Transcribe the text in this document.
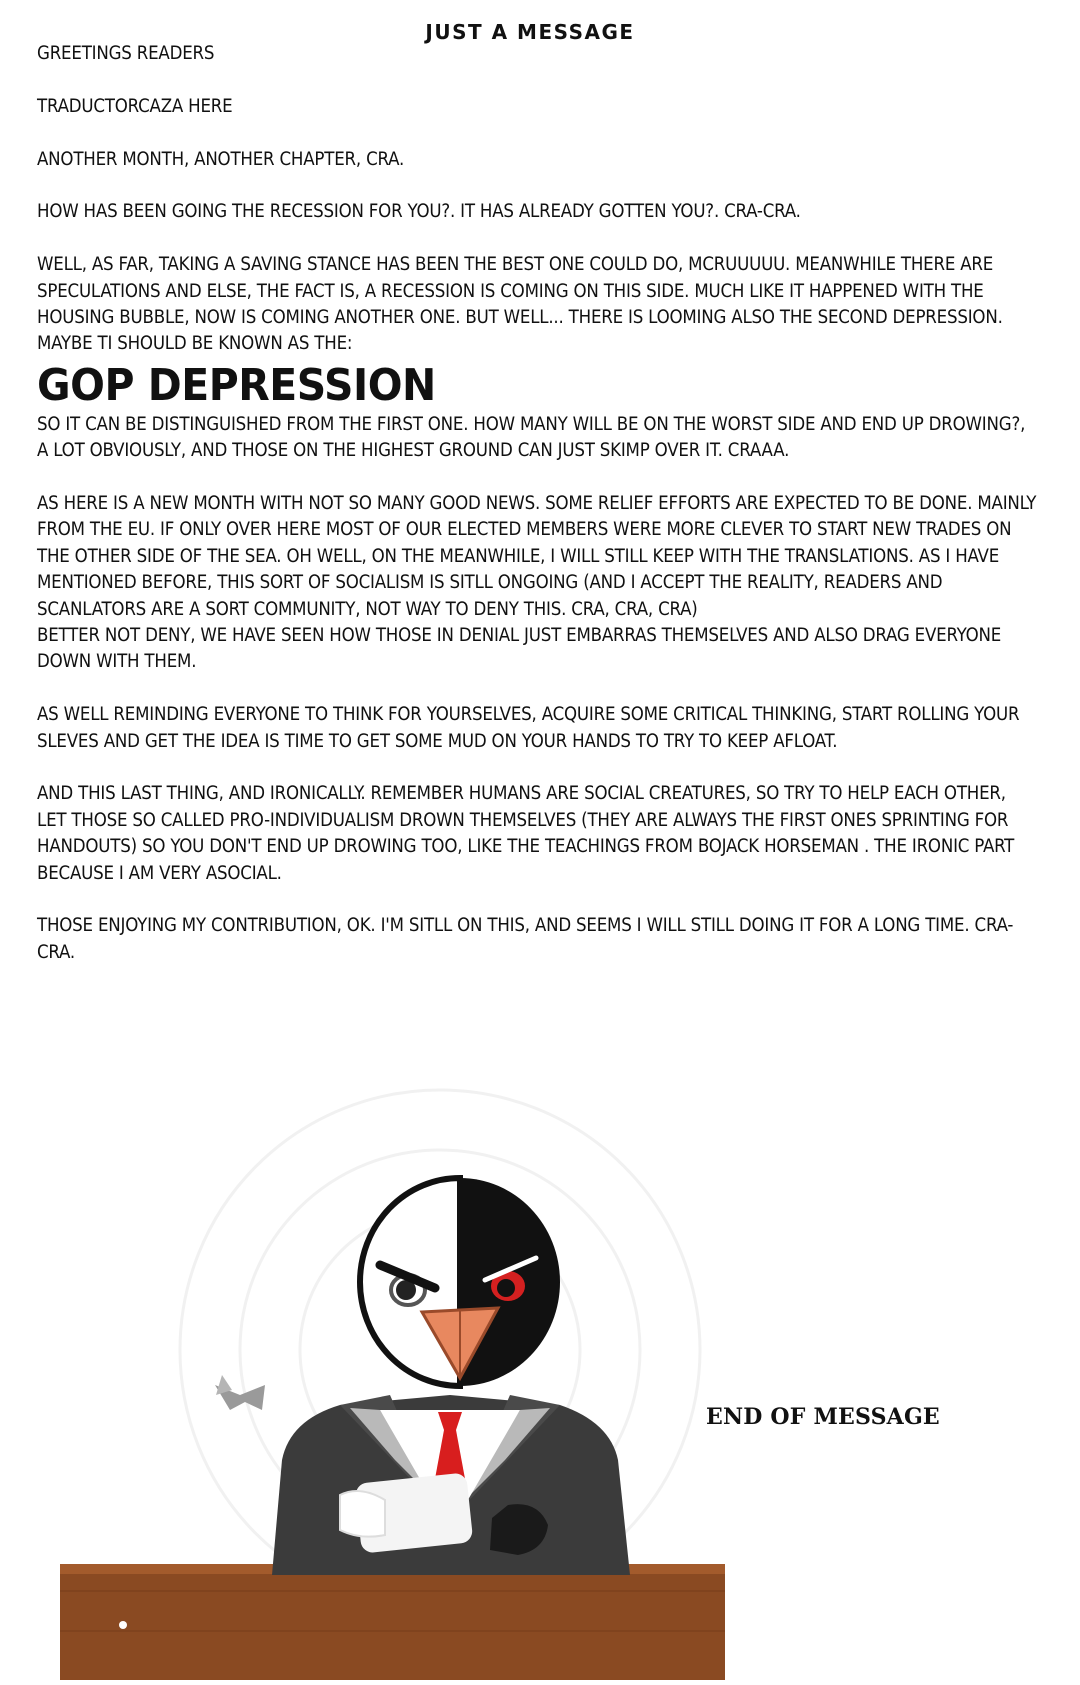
JUST A MESSAGE

GREETINGS READERS

TRADUCTORCAZA HERE

ANOTHER MONTH, ANOTHER CHAPTER, CRA.

HOW HAS BEEN GOING THE RECESSION FOR YOU?. IT HAS ALREADY GOTTEN YOU?. CRA-CRA.

WELL, AS FAR, TAKING A SAVING STANCE HAS BEEN THE BEST ONE COULD DO, MCRUUUUU. MEANWHILE THERE ARE SPECULATIONS AND ELSE, THE FACT IS, A RECESSION IS COMING ON THIS SIDE. MUCH LIKE IT HAPPENED WITH THE HOUSING BUBBLE, NOW IS COMING ANOTHER ONE. BUT WELL... THERE IS LOOMING ALSO THE SECOND DEPRESSION. MAYBE TI SHOULD BE KNOWN AS THE:

GOP DEPRESSION

SO IT CAN BE DISTINGUISHED FROM THE FIRST ONE. HOW MANY WILL BE ON THE WORST SIDE AND END UP DROWING?, A LOT OBVIOUSLY, AND THOSE ON THE HIGHEST GROUND CAN JUST SKIMP OVER IT. CRAAA.

AS HERE IS A NEW MONTH WITH NOT SO MANY GOOD NEWS. SOME RELIEF EFFORTS ARE EXPECTED TO BE DONE. MAINLY FROM THE EU. IF ONLY OVER HERE MOST OF OUR ELECTED MEMBERS WERE MORE CLEVER TO START NEW TRADES ON THE OTHER SIDE OF THE SEA. OH WELL, ON THE MEANWHILE, I WILL STILL KEEP WITH THE TRANSLATIONS. AS I HAVE MENTIONED BEFORE, THIS SORT OF SOCIALISM IS SITLL ONGOING (AND I ACCEPT THE REALITY, READERS AND SCANLATORS ARE A SORT COMMUNITY, NOT WAY TO DENY THIS. CRA, CRA, CRA)

BETTER NOT DENY, WE HAVE SEEN HOW THOSE IN DENIAL JUST EMBARRAS THEMSELVES AND ALSO DRAG EVERYONE DOWN WITH THEM.

AS WELL REMINDING EVERYONE TO THINK FOR YOURSELVES, ACQUIRE SOME CRITICAL THINKING, START ROLLING YOUR SLEVES AND GET THE IDEA IS TIME TO GET SOME MUD ON YOUR HANDS TO TRY TO KEEP AFLOAT.

AND THIS LAST THING, AND IRONICALLY. REMEMBER HUMANS ARE SOCIAL CREATURES, SO TRY TO HELP EACH OTHER, LET THOSE SO CALLED PRO-INDIVIDUALISM DROWN THEMSELVES (THEY ARE ALWAYS THE FIRST ONES SPRINTING FOR HANDOUTS) SO YOU DON'T END UP DROWING TOO, LIKE THE TEACHINGS FROM BOJACK HORSEMAN . THE IRONIC PART BECAUSE I AM VERY ASOCIAL.

THOSE ENJOYING MY CONTRIBUTION, OK. I'M SITLL ON THIS, AND SEEMS I WILL STILL DOING IT FOR A LONG TIME. CRA-CRA.

END OF MESSAGE
